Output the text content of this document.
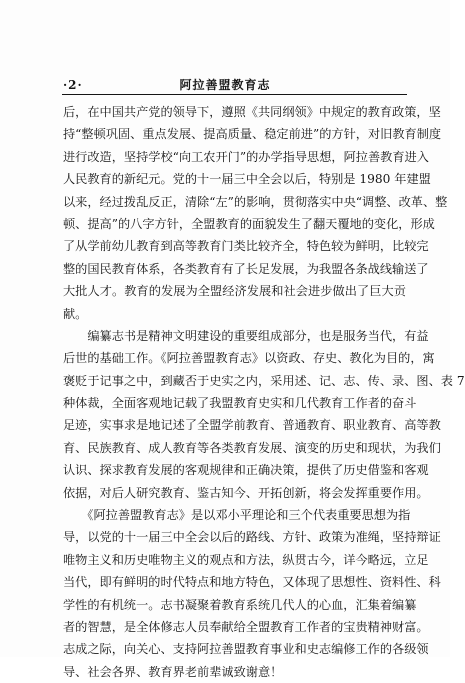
·2·	阿拉善盟教育志
后，在中国共产党的领导下，遵照《共同纲领》中规定的教育政策，坚
持“整顿巩固、重点发展、提高质量、稳定前进”的方针，对旧教育制度
进行改造，坚持学校“向工农开门”的办学指导思想，阿拉善教育进入
人民教育的新纪元。党的十一届三中全会以后，特别是 1980 年建盟
以来，经过拨乱反正，清除“左”的影响，贯彻落实中央“调整、改革、整
顿、提高”的八字方针，全盟教育的面貌发生了翻天覆地的变化，形成
了从学前幼儿教育到高等教育门类比较齐全，特色较为鲜明，比较完
整的国民教育体系，各类教育有了长足发展，为我盟各条战线输送了
大批人才。教育的发展为全盟经济发展和社会进步做出了巨大贡
献。
　　编纂志书是精神文明建设的重要组成部分，也是服务当代，有益
后世的基础工作。《阿拉善盟教育志》以资政、存史、教化为目的，寓
褒贬于记事之中，到藏否于史实之内，采用述、记、志、传、录、图、表 7
种体裁，全面客观地记载了我盟教育史实和几代教育工作者的奋斗
足迹，实事求是地记述了全盟学前教育、普通教育、职业教育、高等教
育、民族教育、成人教育等各类教育发展、演变的历史和现状，为我们
认识、探求教育发展的客观规律和正确决策，提供了历史借鉴和客观
依据，对后人研究教育、鉴古知今、开拓创新，将会发挥重要作用。
　　《阿拉善盟教育志》是以邓小平理论和三个代表重要思想为指
导，以党的十一届三中全会以后的路线、方针、政策为准绳，坚持辩证
唯物主义和历史唯物主义的观点和方法，纵贯古今，详今略远，立足
当代，即有鲜明的时代特点和地方特色，又体现了思想性、资料性、科
学性的有机统一。志书凝聚着教育系统几代人的心血，汇集着编纂
者的智慧，是全体修志人员奉献给全盟教育工作者的宝贵精神财富。
志成之际，向关心、支持阿拉善盟教育事业和史志编修工作的各级领
导、社会各界、教育界老前辈诚致谢意！
